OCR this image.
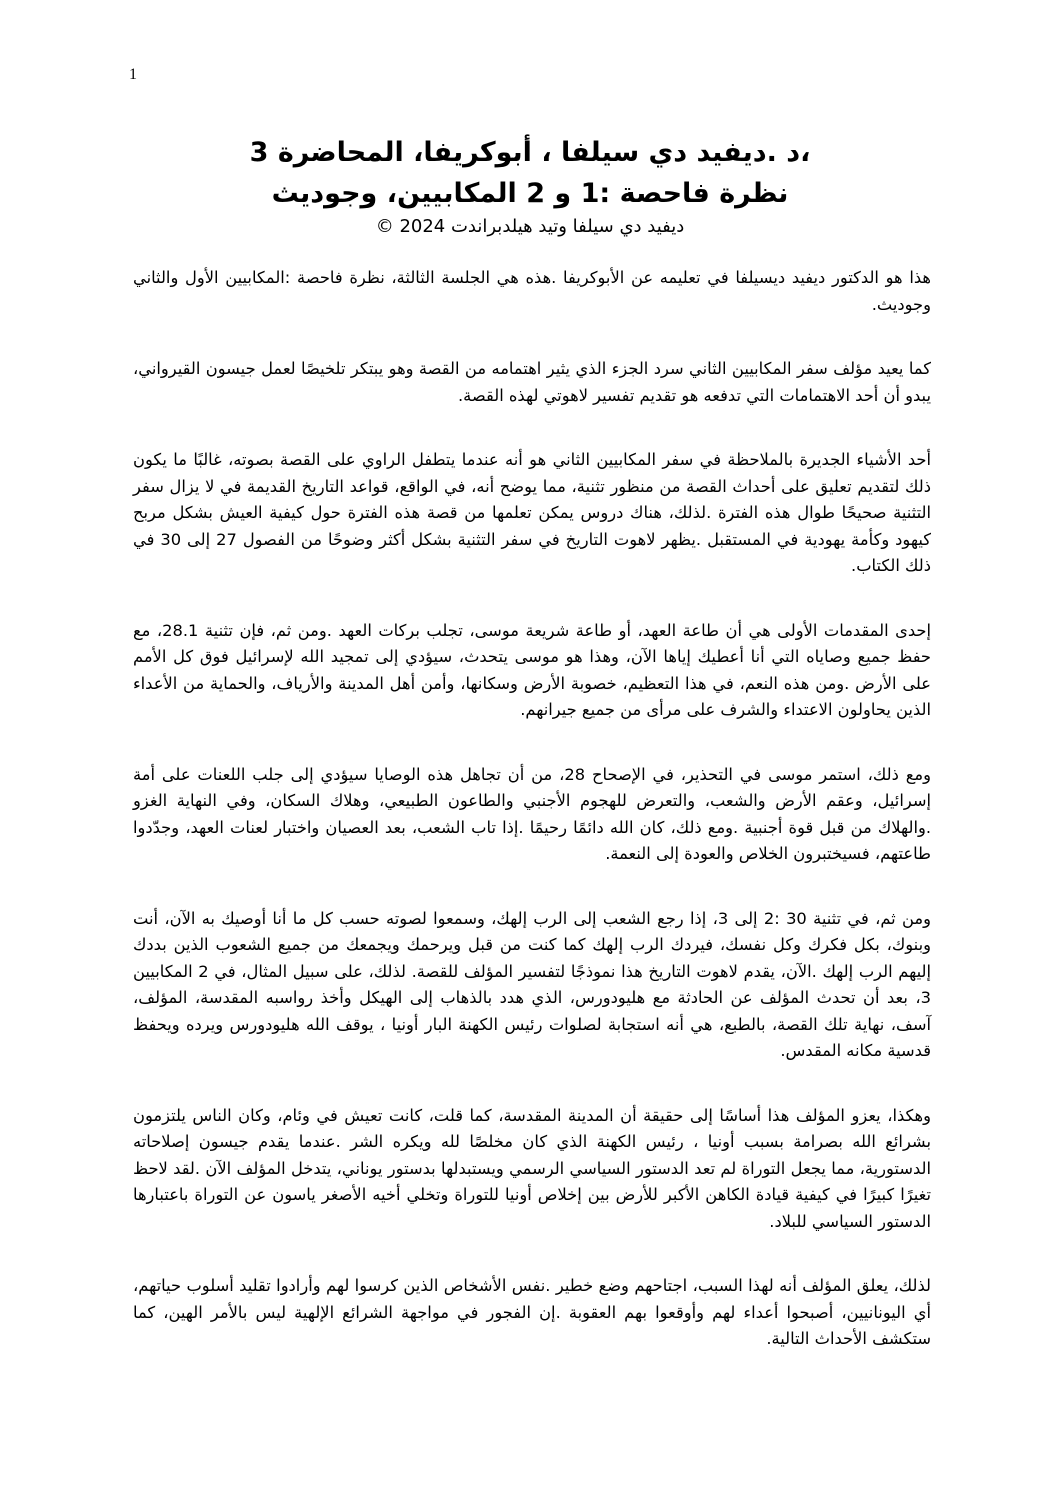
1
،د .ديفيد دي سيلفا ، أبوكريفا، المحاضرة 3
نظرة فاحصة :1 و 2 المكابيين، وجوديث
ديفيد دي سيلفا وتيد هيلدبراندت 2024 ©

هذا هو الدكتور ديفيد ديسيلفا في تعليمه عن الأبوكريفا .هذه هي الجلسة الثالثة، نظرة فاحصة :المكابيين الأول والثاني وجوديث.

كما يعيد مؤلف سفر المكابيين الثاني سرد الجزء الذي يثير اهتمامه من القصة وهو يبتكر تلخيصًا لعمل جيسون القيرواني، يبدو أن أحد الاهتمامات التي تدفعه هو تقديم تفسير لاهوتي لهذه القصة.

أحد الأشياء الجديرة بالملاحظة في سفر المكابيين الثاني هو أنه عندما يتطفل الراوي على القصة بصوته، غالبًا ما يكون ذلك لتقديم تعليق على أحداث القصة من منظور تثنية، مما يوضح أنه، في الواقع، قواعد التاريخ القديمة في لا يزال سفر التثنية صحيحًا طوال هذه الفترة .لذلك، هناك دروس يمكن تعلمها من قصة هذه الفترة حول كيفية العيش بشكل مربح كيهود وكأمة يهودية في المستقبل .يظهر لاهوت التاريخ في سفر التثنية بشكل أكثر وضوحًا من الفصول 27 إلى 30 في ذلك الكتاب.

إحدى المقدمات الأولى هي أن طاعة العهد، أو طاعة شريعة موسى، تجلب بركات العهد .ومن ثم، فإن تثنية 28.1، مع حفظ جميع وصاياه التي أنا أعطيك إياها الآن، وهذا هو موسى يتحدث، سيؤدي إلى تمجيد الله لإسرائيل فوق كل الأمم على الأرض .ومن هذه النعم، في هذا التعظيم، خصوبة الأرض وسكانها، وأمن أهل المدينة والأرياف، والحماية من الأعداء الذين يحاولون الاعتداء والشرف على مرأى من جميع جيرانهم.

ومع ذلك، استمر موسى في التحذير، في الإصحاح 28، من أن تجاهل هذه الوصايا سيؤدي إلى جلب اللعنات على أمة إسرائيل، وعقم الأرض والشعب، والتعرض للهجوم الأجنبي والطاعون الطبيعي، وهلاك السكان، وفي النهاية الغزو .والهلاك من قبل قوة أجنبية .ومع ذلك، كان الله دائمًا رحيمًا .إذا تاب الشعب، بعد العصيان واختبار لعنات العهد، وجدّدوا طاعتهم، فسيختبرون الخلاص والعودة إلى النعمة.

ومن ثم، في تثنية 30 :2 إلى 3، إذا رجع الشعب إلى الرب إلهك، وسمعوا لصوته حسب كل ما أنا أوصيك به الآن، أنت وبنوك، بكل فكرك وكل نفسك، فيردك الرب إلهك كما كنت من قبل ويرحمك ويجمعك من جميع الشعوب الذين بددك إليهم الرب إلهك .الآن، يقدم لاهوت التاريخ هذا نموذجًا لتفسير المؤلف للقصة. لذلك، على سبيل المثال، في 2 المكابيين 3، بعد أن تحدث المؤلف عن الحادثة مع هليودورس، الذي هدد بالذهاب إلى الهيكل وأخذ رواسبه المقدسة، المؤلف، آسف، نهاية تلك القصة، بالطبع، هي أنه استجابة لصلوات رئيس الكهنة البار أونيا ، يوقف الله هليودورس ويرده ويحفظ قدسية مكانه المقدس.

وهكذا، يعزو المؤلف هذا أساسًا إلى حقيقة أن المدينة المقدسة، كما قلت، كانت تعيش في وئام، وكان الناس يلتزمون بشرائع الله بصرامة بسبب أونيا ، رئيس الكهنة الذي كان مخلصًا لله ويكره الشر .عندما يقدم جيسون إصلاحاته الدستورية، مما يجعل التوراة لم تعد الدستور السياسي الرسمي ويستبدلها بدستور يوناني، يتدخل المؤلف الآن .لقد لاحظ تغيرًا كبيرًا في كيفية قيادة الكاهن الأكبر للأرض بين إخلاص أونيا للتوراة وتخلي أخيه الأصغر ياسون عن التوراة باعتبارها الدستور السياسي للبلاد.

لذلك، يعلق المؤلف أنه لهذا السبب، اجتاحهم وضع خطير .نفس الأشخاص الذين كرسوا لهم وأرادوا تقليد أسلوب حياتهم، أي اليونانيين، أصبحوا أعداء لهم وأوقعوا بهم العقوبة .إن الفجور في مواجهة الشرائع الإلهية ليس بالأمر الهين، كما ستكشف الأحداث التالية.
